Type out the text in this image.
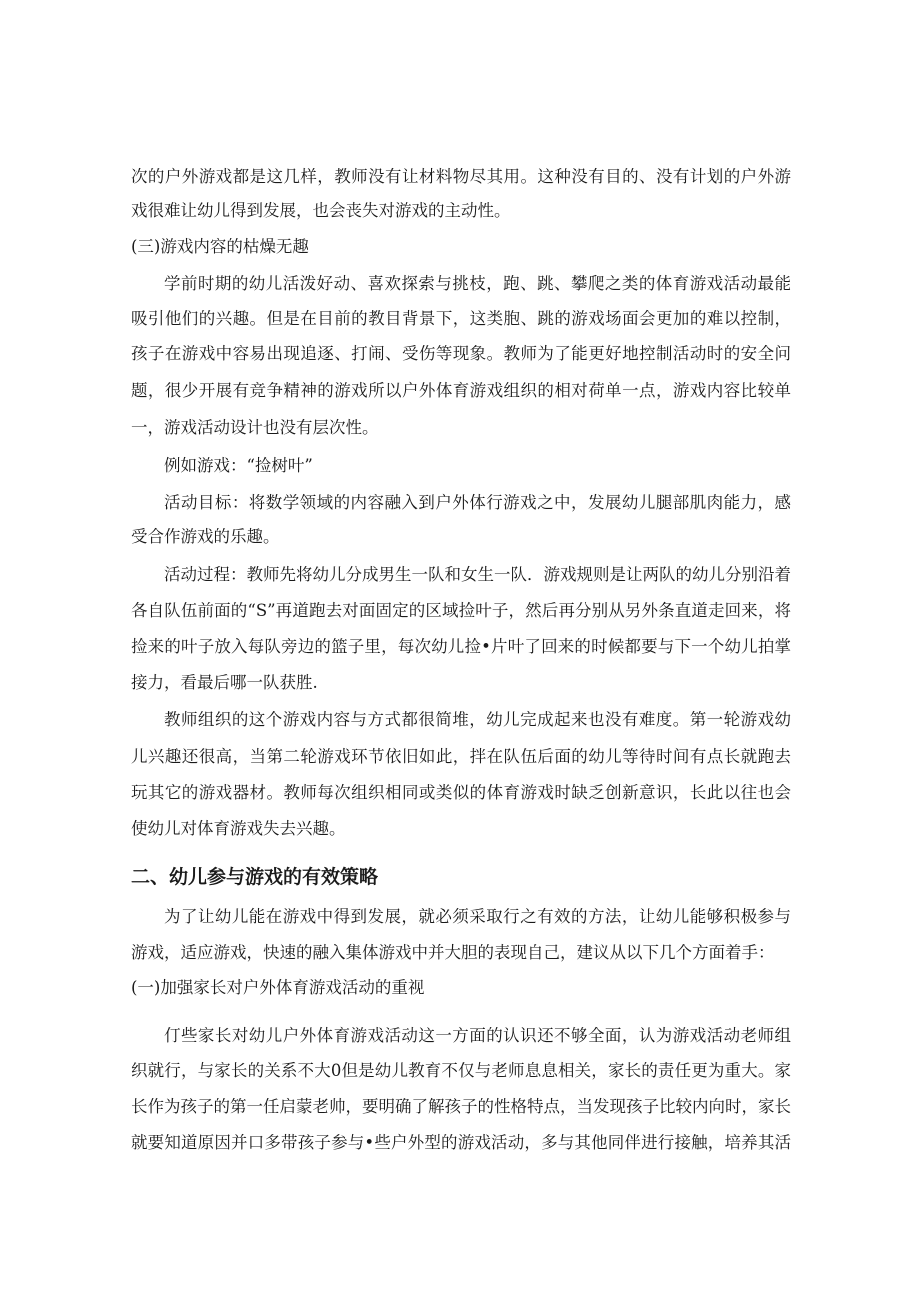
次的户外游戏都是这几样，教师没有让材料物尽其用。这种没有目的、没有计划的户外游
戏很难让幼儿得到发展，也会丧失对游戏的主动性。
(三)游戏内容的枯燥无趣
学前时期的幼儿活泼好动、喜欢探索与挑枝，跑、跳、攀爬之类的体育游戏活动最能
吸引他们的兴趣。但是在目前的教目背景下，这类胞、跳的游戏场面会更加的难以控制，
孩子在游戏中容易出现追逐、打闹、受伤等现象。教师为了能更好地控制活动时的安全问
题，很少开展有竞争精神的游戏所以户外体育游戏组织的相对荷单一点，游戏内容比较单
一，游戏活动设计也没有层次性。
例如游戏：“捡树叶”
活动目标：将数学领域的内容融入到户外体行游戏之中，发展幼儿腿部肌肉能力，感
受合作游戏的乐趣。
活动过程：教师先将幼儿分成男生一队和女生一队．游戏规则是让两队的幼儿分别沿着
各自队伍前面的“S”再道跑去对面固定的区域捡叶子，然后再分别从另外条直道走回来，将
捡来的叶子放入每队旁边的篮子里，每次幼儿捡•片叶了回来的时候都要与下一个幼儿拍掌
接力，看最后哪一队获胜.
教师组织的这个游戏内容与方式都很简堆，幼儿完成起来也没有难度。第一轮游戏幼
儿兴趣还很高，当第二轮游戏环节依旧如此，拌在队伍后面的幼儿等待时间有点长就跑去
玩其它的游戏器材。教师每次组织相同或类似的体育游戏时缺乏创新意识，长此以往也会
使幼儿对体育游戏失去兴趣。
二、幼儿参与游戏的有效策略
为了让幼儿能在游戏中得到发展，就必须采取行之有效的方法，让幼儿能够积极参与
游戏，适应游戏，快速的融入集体游戏中并大胆的表现自己，建议从以下几个方面着手：
(一)加强家长对户外体育游戏活动的重视
仃些家长对幼儿户外体育游戏活动这一方面的认识还不够全面，认为游戏活动老师组
织就行，与家长的关系不大0但是幼儿教育不仅与老师息息相关，家长的责任更为重大。家
长作为孩子的第一任启蒙老帅，要明确了解孩子的性格特点，当发现孩子比较内向时，家长
就要知道原因并口多带孩子参与•些户外型的游戏活动，多与其他同伴进行接触，培养其活
